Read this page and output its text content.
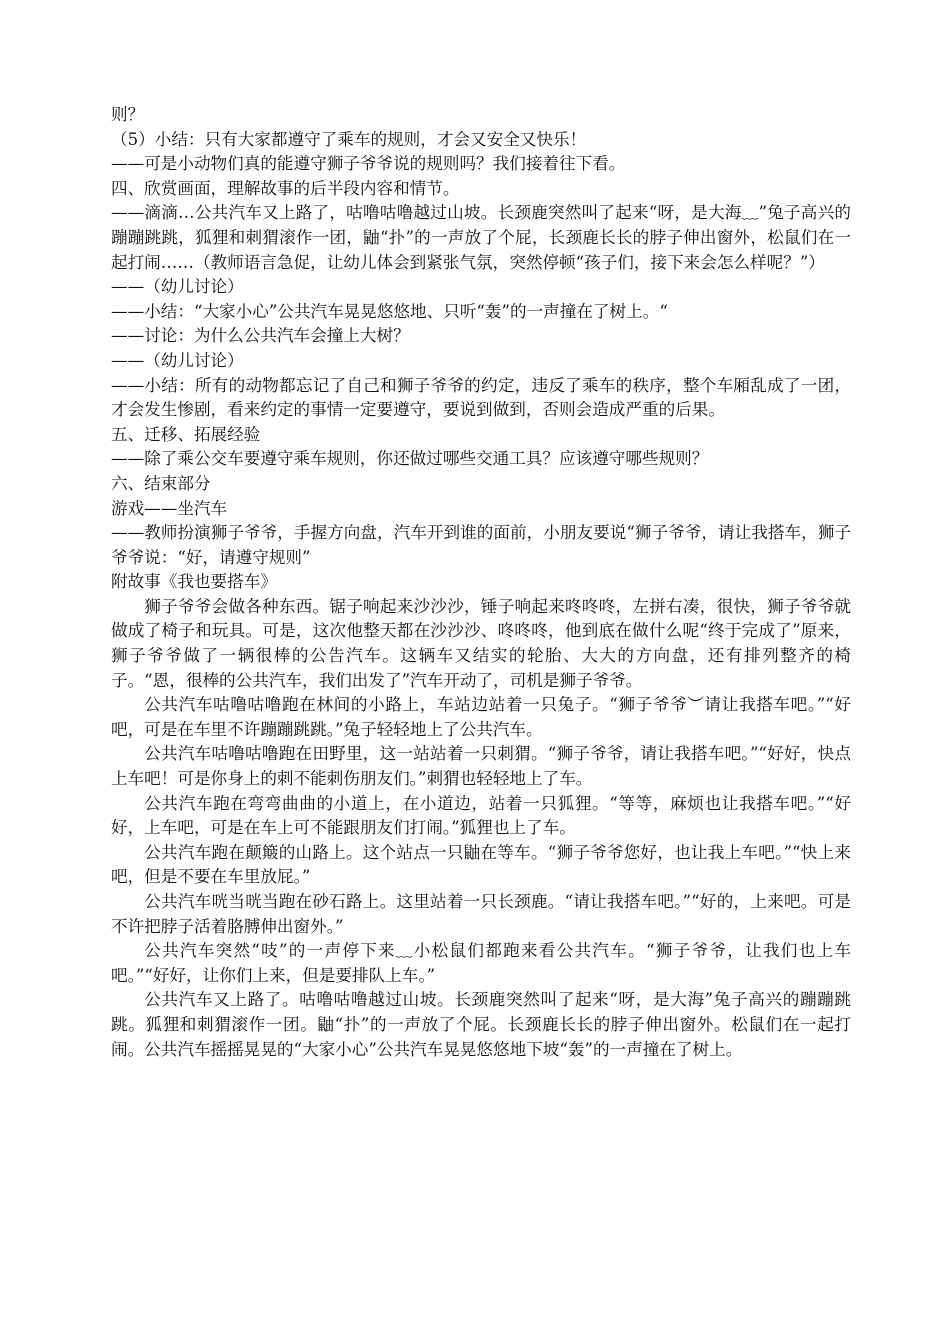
则？

（5）小结：只有大家都遵守了乘车的规则，才会又安全又快乐！

——可是小动物们真的能遵守狮子爷爷说的规则吗？我们接着往下看。

四、欣赏画面，理解故事的后半段内容和情节。

——滴滴…公共汽车又上路了，咕噜咕噜越过山坡。长颈鹿突然叫了起来“呀，是大海﹏”兔子高兴的蹦蹦跳跳，狐狸和刺猬滚作一团，鼬“扑”的一声放了个屁，长颈鹿长长的脖子伸出窗外，松鼠们在一起打闹……（教师语言急促，让幼儿体会到紧张气氛，突然停顿“孩子们，接下来会怎么样呢？”）

——（幼儿讨论）

——小结：“大家小心”公共汽车晃晃悠悠地、只听“轰”的一声撞在了树上。“

——讨论：为什么公共汽车会撞上大树？

——（幼儿讨论）

——小结：所有的动物都忘记了自己和狮子爷爷的约定，违反了乘车的秩序，整个车厢乱成了一团，才会发生惨剧，看来约定的事情一定要遵守，要说到做到，否则会造成严重的后果。

五、迁移、拓展经验

——除了乘公交车要遵守乘车规则，你还做过哪些交通工具？应该遵守哪些规则？

六、结束部分

游戏——坐汽车

——教师扮演狮子爷爷，手握方向盘，汽车开到谁的面前，小朋友要说“狮子爷爷，请让我搭车，狮子爷爷说：“好，请遵守规则”

附故事《我也要搭车》

狮子爷爷会做各种东西。锯子响起来沙沙沙，锤子响起来咚咚咚，左拼右凑，很快，狮子爷爷就做成了椅子和玩具。可是，这次他整天都在沙沙沙、咚咚咚，他到底在做什么呢“终于完成了”原来，狮子爷爷做了一辆很棒的公告汽车。这辆车又结实的轮胎、大大的方向盘，还有排列整齐的椅子。“恩，很棒的公共汽车，我们出发了”汽车开动了，司机是狮子爷爷。

公共汽车咕噜咕噜跑在林间的小路上，车站边站着一只兔子。“狮子爷爷︶请让我搭车吧。”“好吧，可是在车里不许蹦蹦跳跳。”兔子轻轻地上了公共汽车。

公共汽车咕噜咕噜跑在田野里，这一站站着一只刺猬。“狮子爷爷，请让我搭车吧。”“好好，快点上车吧！可是你身上的刺不能刺伤朋友们。”刺猬也轻轻地上了车。

公共汽车跑在弯弯曲曲的小道上，在小道边，站着一只狐狸。“等等，麻烦也让我搭车吧。”“好好，上车吧，可是在车上可不能跟朋友们打闹。”狐狸也上了车。

公共汽车跑在颠簸的山路上。这个站点一只鼬在等车。“狮子爷爷您好，也让我上车吧。”“快上来吧，但是不要在车里放屁。”

公共汽车咣当咣当跑在砂石路上。这里站着一只长颈鹿。“请让我搭车吧。”“好的，上来吧。可是不许把脖子活着胳膊伸出窗外。”

公共汽车突然“吱”的一声停下来﹏小松鼠们都跑来看公共汽车。“狮子爷爷，让我们也上车吧。”“好好，让你们上来，但是要排队上车。”

公共汽车又上路了。咕噜咕噜越过山坡。长颈鹿突然叫了起来“呀，是大海”兔子高兴的蹦蹦跳跳。狐狸和刺猬滚作一团。鼬“扑”的一声放了个屁。长颈鹿长长的脖子伸出窗外。松鼠们在一起打闹。公共汽车摇摇晃晃的“大家小心”公共汽车晃晃悠悠地下坡“轰”的一声撞在了树上。
